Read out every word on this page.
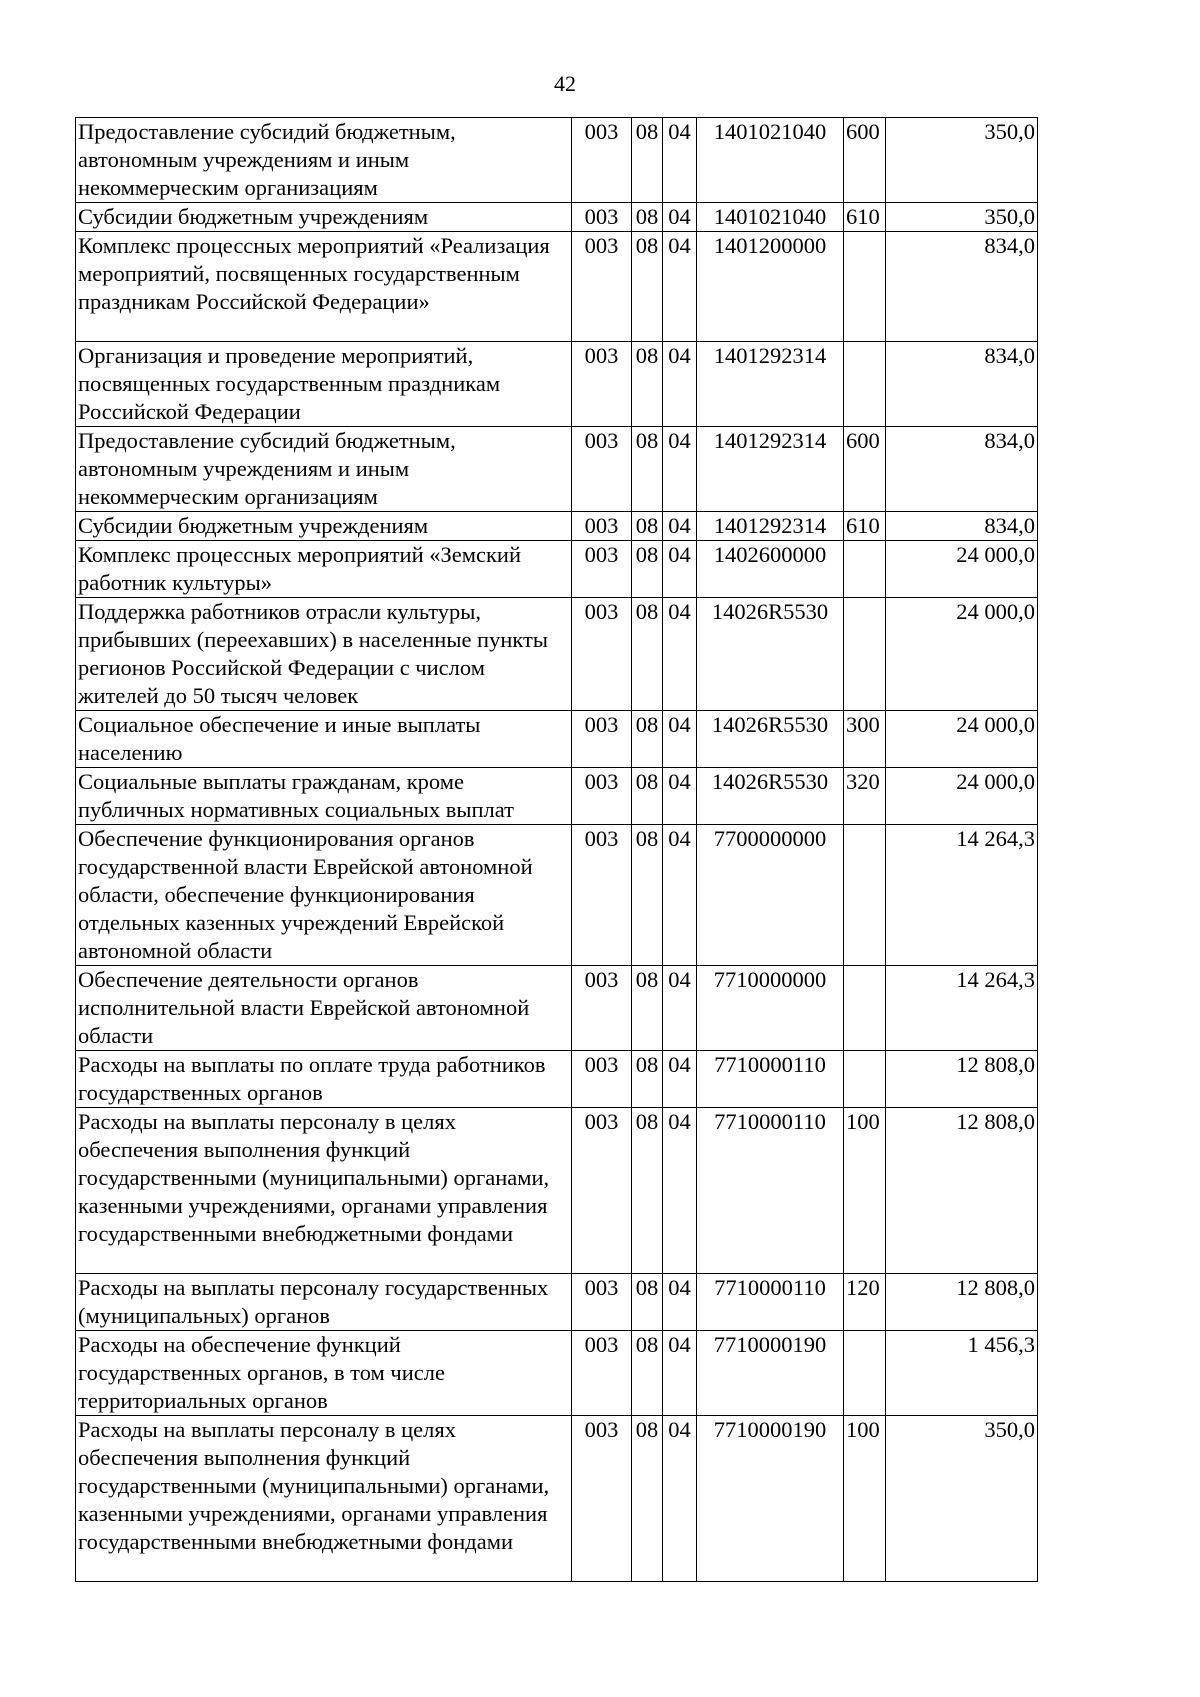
42
Предоставление субсидий бюджетным, автономным учреждениям и иным некоммерческим организациям	003	08	04	1401021040	600	350,0
Субсидии бюджетным учреждениям	003	08	04	1401021040	610	350,0
Комплекс процессных мероприятий «Реализация мероприятий, посвященных государственным праздникам Российской Федерации»	003	08	04	1401200000		834,0
Организация и проведение мероприятий, посвященных государственным праздникам Российской Федерации	003	08	04	1401292314		834,0
Предоставление субсидий бюджетным, автономным учреждениям и иным некоммерческим организациям	003	08	04	1401292314	600	834,0
Субсидии бюджетным учреждениям	003	08	04	1401292314	610	834,0
Комплекс процессных мероприятий «Земский работник культуры»	003	08	04	1402600000		24 000,0
Поддержка работников отрасли культуры, прибывших (переехавших) в населенные пункты регионов Российской Федерации с числом жителей до 50 тысяч человек	003	08	04	14026R5530		24 000,0
Социальное обеспечение и иные выплаты населению	003	08	04	14026R5530	300	24 000,0
Социальные выплаты гражданам, кроме публичных нормативных социальных выплат	003	08	04	14026R5530	320	24 000,0
Обеспечение функционирования органов государственной власти Еврейской автономной области, обеспечение функционирования отдельных казенных учреждений Еврейской автономной области	003	08	04	7700000000		14 264,3
Обеспечение деятельности органов исполнительной власти Еврейской автономной области	003	08	04	7710000000		14 264,3
Расходы на выплаты по оплате труда работников государственных органов	003	08	04	7710000110		12 808,0
Расходы на выплаты персоналу в целях обеспечения выполнения функций государственными (муниципальными) органами, казенными учреждениями, органами управления государственными внебюджетными фондами	003	08	04	7710000110	100	12 808,0
Расходы на выплаты персоналу государственных (муниципальных) органов	003	08	04	7710000110	120	12 808,0
Расходы на обеспечение функций государственных органов, в том числе территориальных органов	003	08	04	7710000190		1 456,3
Расходы на выплаты персоналу в целях обеспечения выполнения функций государственными (муниципальными) органами, казенными учреждениями, органами управления государственными внебюджетными фондами	003	08	04	7710000190	100	350,0
